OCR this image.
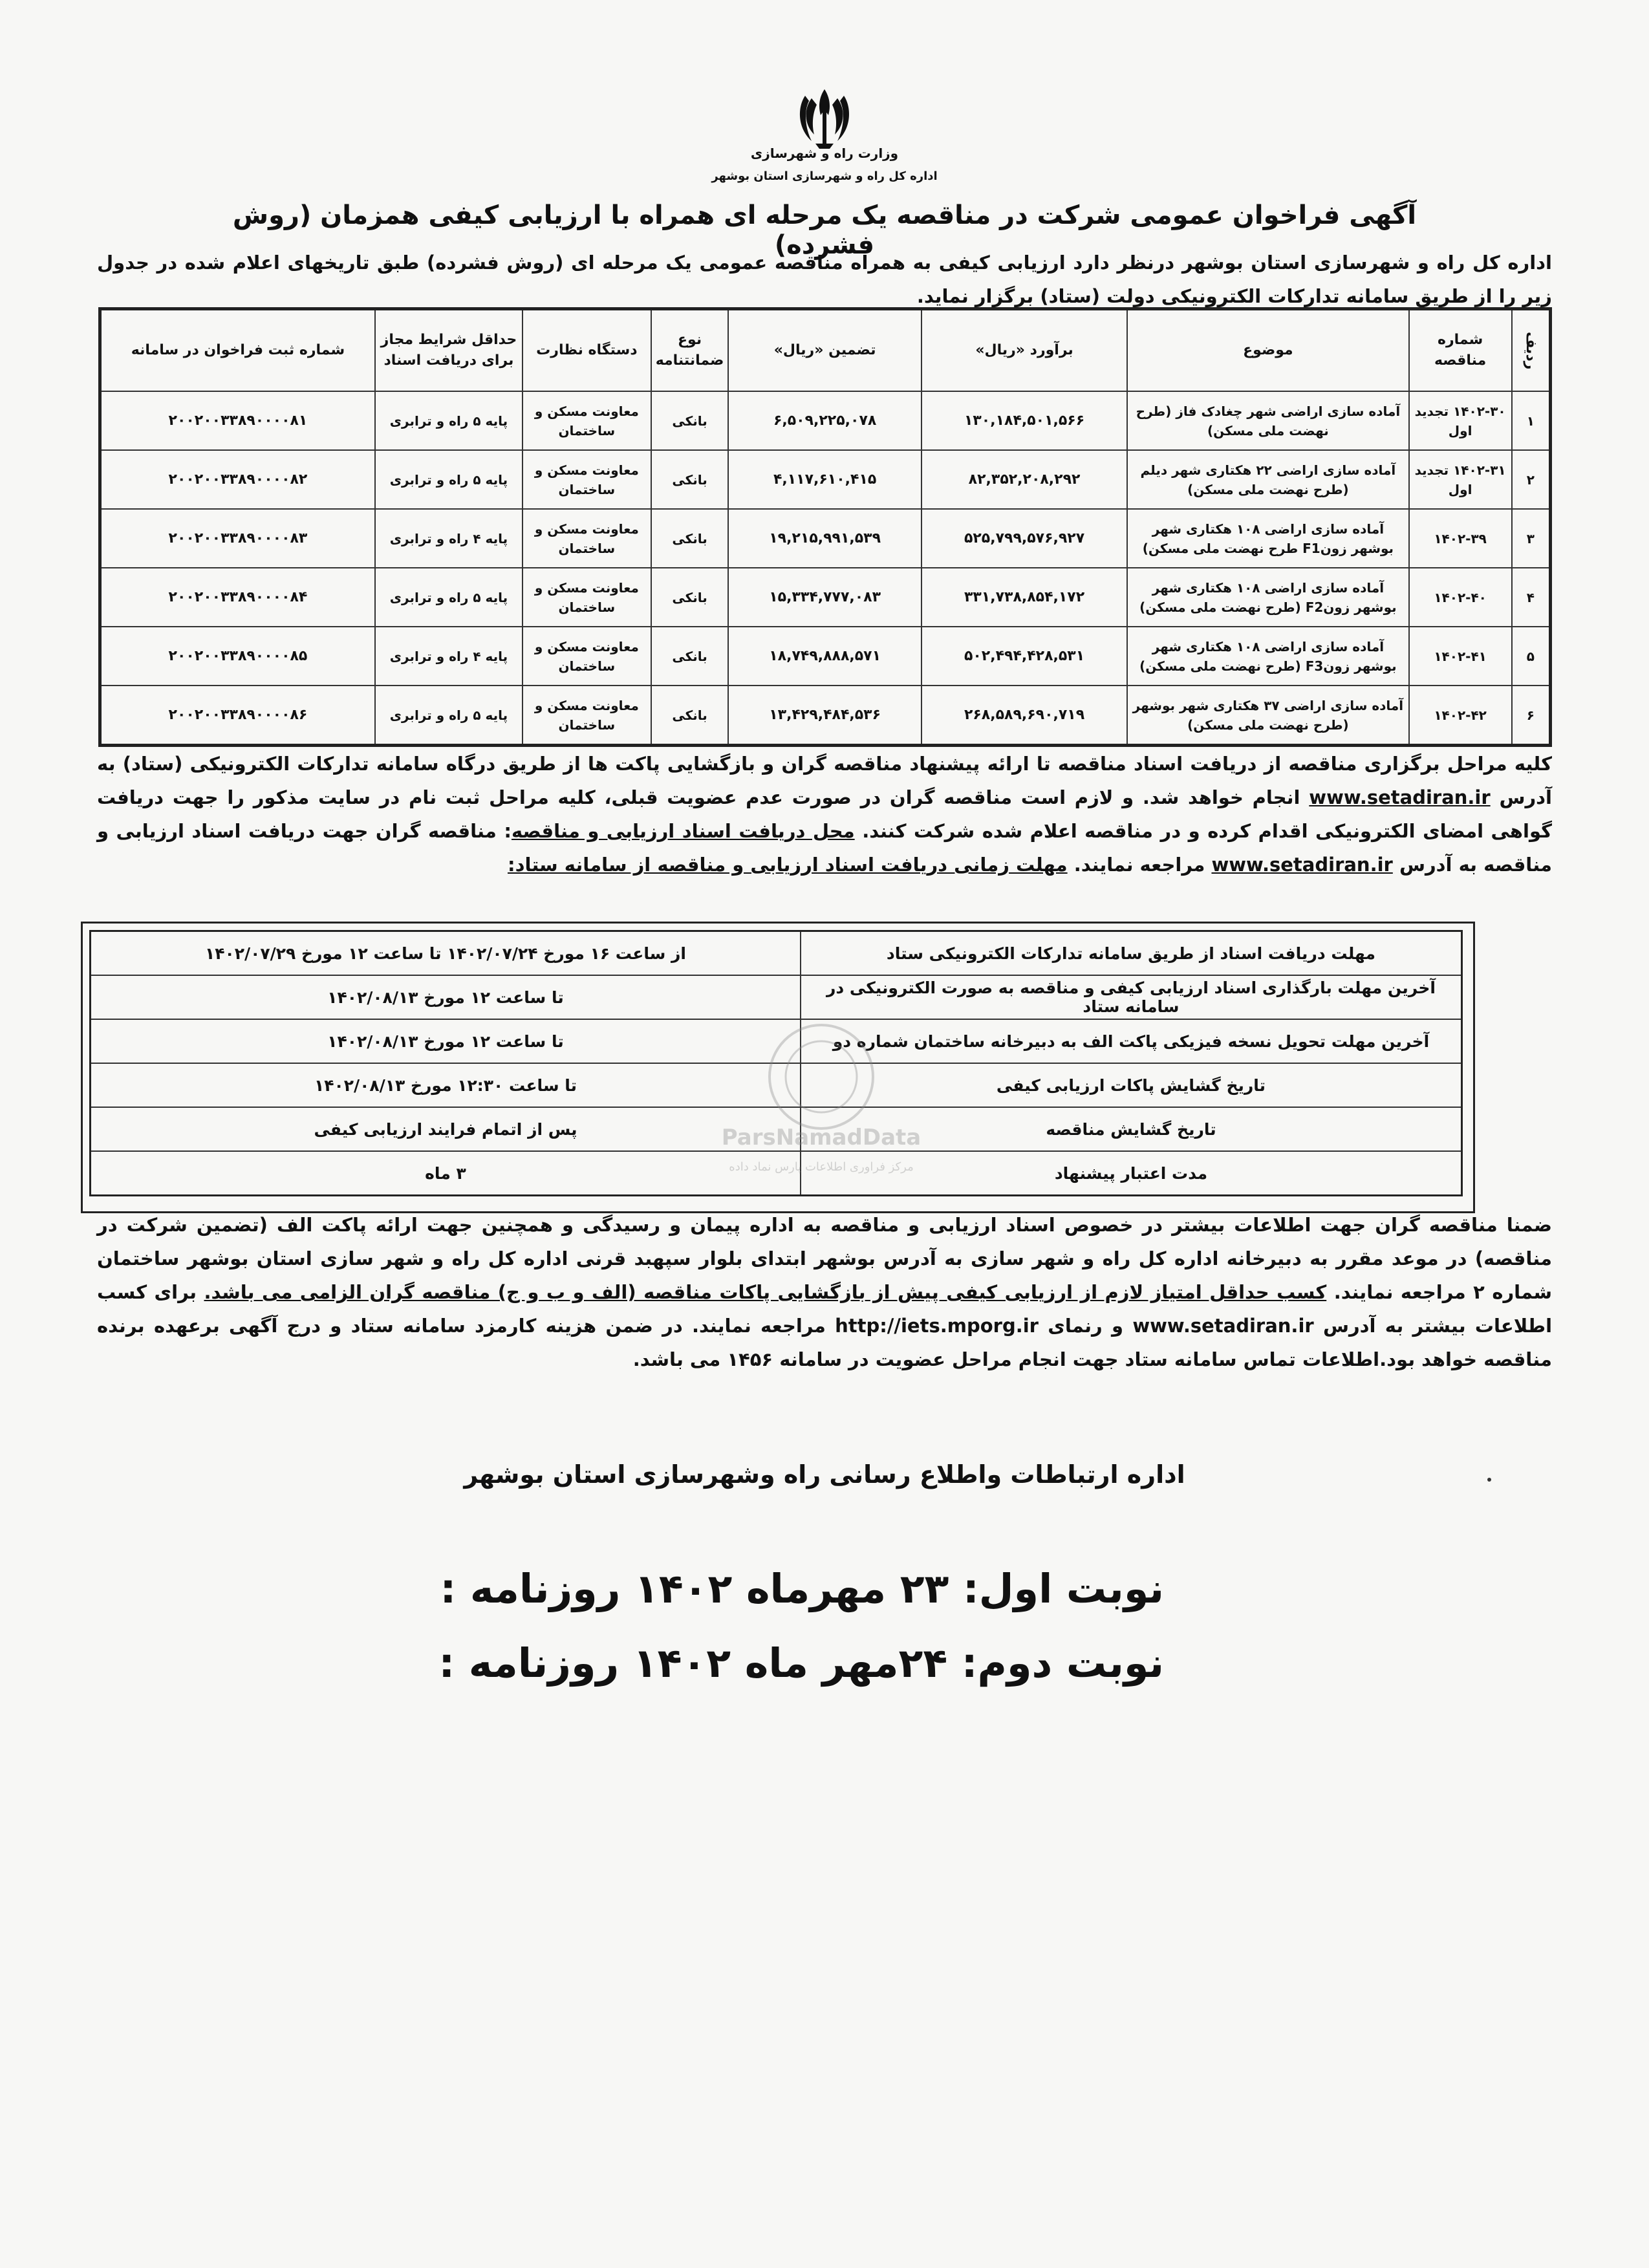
وزارت راه و شهرسازی
اداره کل راه و شهرسازی استان بوشهر
آگهی فراخوان عمومی شرکت در مناقصه یک مرحله ای همراه با ارزیابی کیفی همزمان (روش فشرده)
اداره کل راه و شهرسازی استان بوشهر درنظر دارد ارزیابی کیفی به همراه مناقصه عمومی یک مرحله ای (روش فشرده) طبق تاریخهای اعلام شده در جدول زیر را از طریق سامانه تدارکات الکترونیکی دولت (ستاد) برگزار نماید.
ردیف	شماره مناقصه	موضوع	برآورد «ریال»	تضمین «ریال»	نوع ضمانتنامه	دستگاه نظارت	حداقل شرایط مجاز برای دریافت اسناد	شماره ثبت فراخوان در سامانه
۱	۱۴۰۲-۳۰ تجدید اول	آماده سازی اراضی شهر چغادک فاز (طرح نهضت ملی مسکن)	۱۳۰,۱۸۴,۵۰۱,۵۶۶	۶,۵۰۹,۲۲۵,۰۷۸	بانکی	معاونت مسکن و ساختمان	پایه ۵ راه و ترابری	۲۰۰۲۰۰۳۳۸۹۰۰۰۰۸۱
۲	۱۴۰۲-۳۱ تجدید اول	آماده سازی اراضی ۲۲ هکتاری شهر دیلم (طرح نهضت ملی مسکن)	۸۲,۳۵۲,۲۰۸,۲۹۲	۴,۱۱۷,۶۱۰,۴۱۵	بانکی	معاونت مسکن و ساختمان	پایه ۵ راه و ترابری	۲۰۰۲۰۰۳۳۸۹۰۰۰۰۸۲
۳	۱۴۰۲-۳۹	آماده سازی اراضی ۱۰۸ هکتاری شهر بوشهر زونF1 طرح نهضت ملی مسکن)	۵۲۵,۷۹۹,۵۷۶,۹۲۷	۱۹,۲۱۵,۹۹۱,۵۳۹	بانکی	معاونت مسکن و ساختمان	پایه ۴ راه و ترابری	۲۰۰۲۰۰۳۳۸۹۰۰۰۰۸۳
۴	۱۴۰۲-۴۰	آماده سازی اراضی ۱۰۸ هکتاری شهر بوشهر زونF2 (طرح نهضت ملی مسکن)	۳۳۱,۷۳۸,۸۵۴,۱۷۲	۱۵,۳۳۴,۷۷۷,۰۸۳	بانکی	معاونت مسکن و ساختمان	پایه ۵ راه و ترابری	۲۰۰۲۰۰۳۳۸۹۰۰۰۰۸۴
۵	۱۴۰۲-۴۱	آماده سازی اراضی ۱۰۸ هکتاری شهر بوشهر زونF3 (طرح نهضت ملی مسکن)	۵۰۲,۴۹۴,۴۲۸,۵۳۱	۱۸,۷۴۹,۸۸۸,۵۷۱	بانکی	معاونت مسکن و ساختمان	پایه ۴ راه و ترابری	۲۰۰۲۰۰۳۳۸۹۰۰۰۰۸۵
۶	۱۴۰۲-۴۲	آماده سازی اراضی ۳۷ هکتاری شهر بوشهر (طرح نهضت ملی مسکن)	۲۶۸,۵۸۹,۶۹۰,۷۱۹	۱۳,۴۲۹,۴۸۴,۵۳۶	بانکی	معاونت مسکن و ساختمان	پایه ۵ راه و ترابری	۲۰۰۲۰۰۳۳۸۹۰۰۰۰۸۶
کلیه مراحل برگزاری مناقصه از دریافت اسناد مناقصه تا ارائه پیشنهاد مناقصه گران و بازگشایی پاکت ها از طریق درگاه سامانه تدارکات الکترونیکی (ستاد) به آدرس www.setadiran.ir انجام خواهد شد. و لازم است مناقصه گران در صورت عدم عضویت قبلی، کلیه مراحل ثبت نام در سایت مذکور را جهت دریافت گواهی امضای الکترونیکی اقدام کرده و در مناقصه اعلام شده شرکت کنند. محل دریافت اسناد ارزیابی و مناقصه: مناقصه گران جهت دریافت اسناد ارزیابی و مناقصه به آدرس www.setadiran.ir مراجعه نمایند. مهلت زمانی دریافت اسناد ارزیابی و مناقصه از سامانه ستاد:
مهلت دریافت اسناد از طریق سامانه تدارکات الکترونیکی ستاد	از ساعت ۱۶ مورخ ۱۴۰۲/۰۷/۲۴ تا ساعت ۱۲ مورخ ۱۴۰۲/۰۷/۲۹
آخرین مهلت بارگذاری اسناد ارزیابی کیفی و مناقصه به صورت الکترونیکی در سامانه ستاد	تا ساعت ۱۲ مورخ ۱۴۰۲/۰۸/۱۳
آخرین مهلت تحویل نسخه فیزیکی پاکت الف به دبیرخانه ساختمان شماره دو	تا ساعت ۱۲ مورخ ۱۴۰۲/۰۸/۱۳
تاریخ گشایش پاکات ارزیابی کیفی	تا ساعت ۱۲:۳۰ مورخ ۱۴۰۲/۰۸/۱۳
تاریخ گشایش مناقصه	پس از اتمام فرایند ارزیابی کیفی
مدت اعتبار پیشنهاد	۳ ماه
ParsNamadData
مرکز فراوری اطلاعات پارس نماد داده
ضمنا مناقصه گران جهت اطلاعات بیشتر در خصوص اسناد ارزیابی و مناقصه به اداره پیمان و رسیدگی و همچنین جهت ارائه پاکت الف (تضمین شرکت در مناقصه) در موعد مقرر به دبیرخانه اداره کل راه و شهر سازی به آدرس بوشهر ابتدای بلوار سپهبد قرنی اداره کل راه و شهر سازی استان بوشهر ساختمان شماره ۲ مراجعه نمایند. کسب حداقل امتیاز لازم از ارزیابی کیفی پیش از بازگشایی پاکات مناقصه (الف و ب و ج) مناقصه گران الزامی می باشد. برای کسب اطلاعات بیشتر به آدرس www.setadiran.ir و رنمای http://iets.mporg.ir مراجعه نمایند. در ضمن هزینه کارمزد سامانه ستاد و درج آگهی برعهده برنده مناقصه خواهد بود.اطلاعات تماس سامانه ستاد جهت انجام مراحل عضویت در سامانه ۱۴۵۶ می باشد.
اداره ارتباطات واطلاع رسانی راه وشهرسازی استان بوشهر
نوبت اول: ۲۳ مهرماه ۱۴۰۲ روزنامه :
نوبت دوم: ۲۴مهر ماه ۱۴۰۲ روزنامه :
